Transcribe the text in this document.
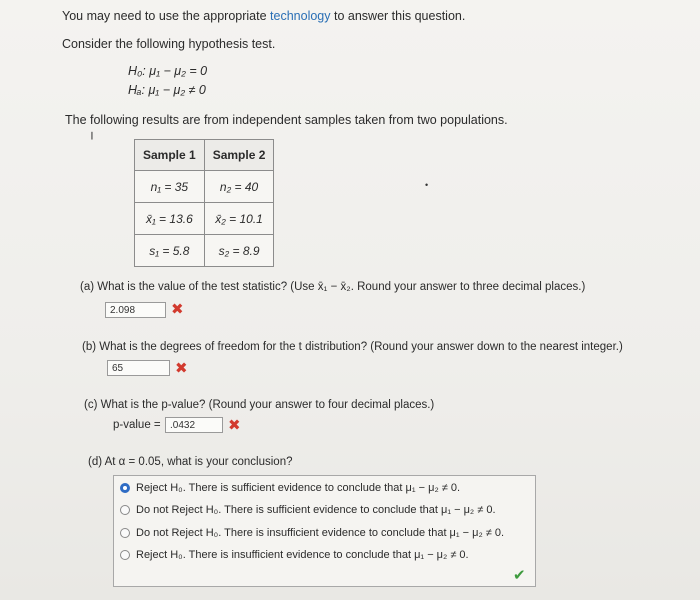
You may need to use the appropriate technology to answer this question.
Consider the following hypothesis test.
H₀: μ₁ − μ₂ = 0
Hₐ: μ₁ − μ₂ ≠ 0
The following results are from independent samples taken from two populations.
╵
•
Sample 1	Sample 2
n₁ = 35	n₂ = 40
x̄₁ = 13.6	x̄₂ = 10.1
s₁ = 5.8	s₂ = 8.9
(a) What is the value of the test statistic? (Use x̄₁ − x̄₂. Round your answer to three decimal places.)
2.098	✖
(b) What is the degrees of freedom for the t distribution? (Round your answer down to the nearest integer.)
65	✖
(c) What is the p-value? (Round your answer to four decimal places.)
p-value = .0432	✖
(d) At α = 0.05, what is your conclusion?
Reject H₀. There is sufficient evidence to conclude that μ₁ − μ₂ ≠ 0.
Do not Reject H₀. There is sufficient evidence to conclude that μ₁ − μ₂ ≠ 0.
Do not Reject H₀. There is insufficient evidence to conclude that μ₁ − μ₂ ≠ 0.
Reject H₀. There is insufficient evidence to conclude that μ₁ − μ₂ ≠ 0.
✔
